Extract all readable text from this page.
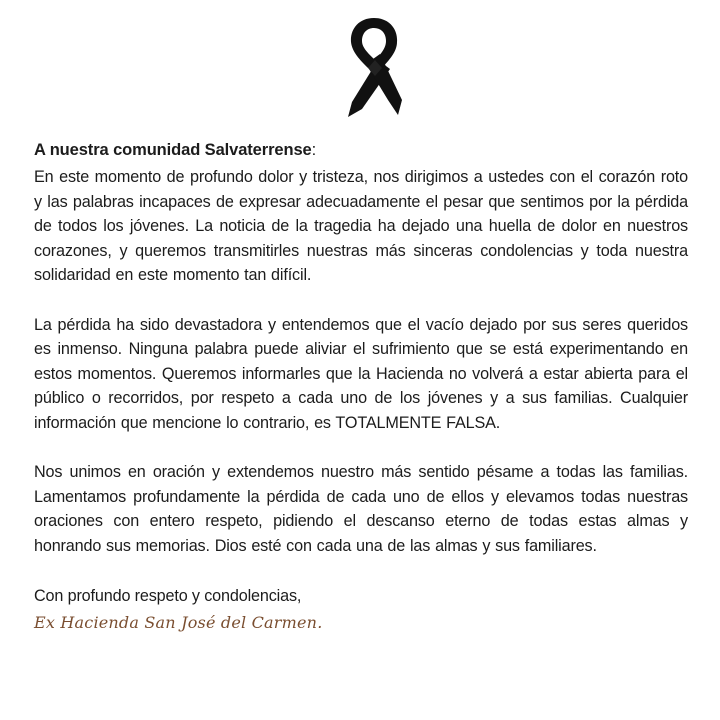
A nuestra comunidad Salvaterrense:

En este momento de profundo dolor y tristeza, nos dirigimos a ustedes con el corazón roto y las palabras incapaces de expresar adecuadamente el pesar que sentimos por la pérdida de todos los jóvenes. La noticia de la tragedia ha dejado una huella de dolor en nuestros corazones, y queremos transmitirles nuestras más sinceras condolencias y toda nuestra solidaridad en este momento tan difícil.

La pérdida ha sido devastadora y entendemos que el vacío dejado por sus seres queridos es inmenso. Ninguna palabra puede aliviar el sufrimiento que se está experimentando en estos momentos. Queremos informarles que la Hacienda no volverá a estar abierta para el público o recorridos, por respeto a cada uno de los jóvenes y a sus familias. Cualquier información que mencione lo contrario, es TOTALMENTE FALSA.

Nos unimos en oración y extendemos nuestro más sentido pésame a todas las familias. Lamentamos profundamente la pérdida de cada uno de ellos y elevamos todas nuestras oraciones con entero respeto, pidiendo el descanso eterno de todas estas almas y honrando sus memorias. Dios esté con cada una de las almas y sus familiares.

Con profundo respeto y condolencias,

Ex Hacienda San José del Carmen.
